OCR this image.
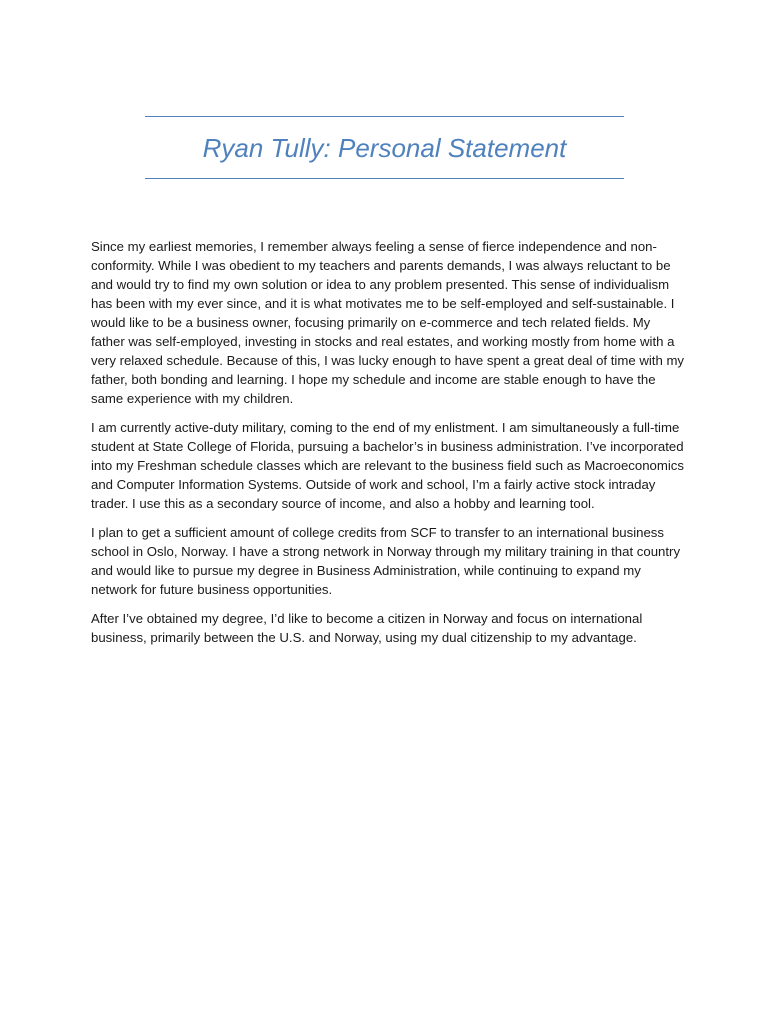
Ryan Tully: Personal Statement

Since my earliest memories, I remember always feeling a sense of fierce independence and non-conformity. While I was obedient to my teachers and parents demands, I was always reluctant to be and would try to find my own solution or idea to any problem presented. This sense of individualism has been with my ever since, and it is what motivates me to be self-employed and self-sustainable. I would like to be a business owner, focusing primarily on e-commerce and tech related fields. My father was self-employed, investing in stocks and real estates, and working mostly from home with a very relaxed schedule. Because of this, I was lucky enough to have spent a great deal of time with my father, both bonding and learning. I hope my schedule and income are stable enough to have the same experience with my children.

I am currently active-duty military, coming to the end of my enlistment. I am simultaneously a full-time student at State College of Florida, pursuing a bachelor’s in business administration. I’ve incorporated into my Freshman schedule classes which are relevant to the business field such as Macroeconomics and Computer Information Systems. Outside of work and school, I’m a fairly active stock intraday trader. I use this as a secondary source of income, and also a hobby and learning tool.

I plan to get a sufficient amount of college credits from SCF to transfer to an international business school in Oslo, Norway. I have a strong network in Norway through my military training in that country and would like to pursue my degree in Business Administration, while continuing to expand my network for future business opportunities.

After I’ve obtained my degree, I’d like to become a citizen in Norway and focus on international business, primarily between the U.S. and Norway, using my dual citizenship to my advantage.
